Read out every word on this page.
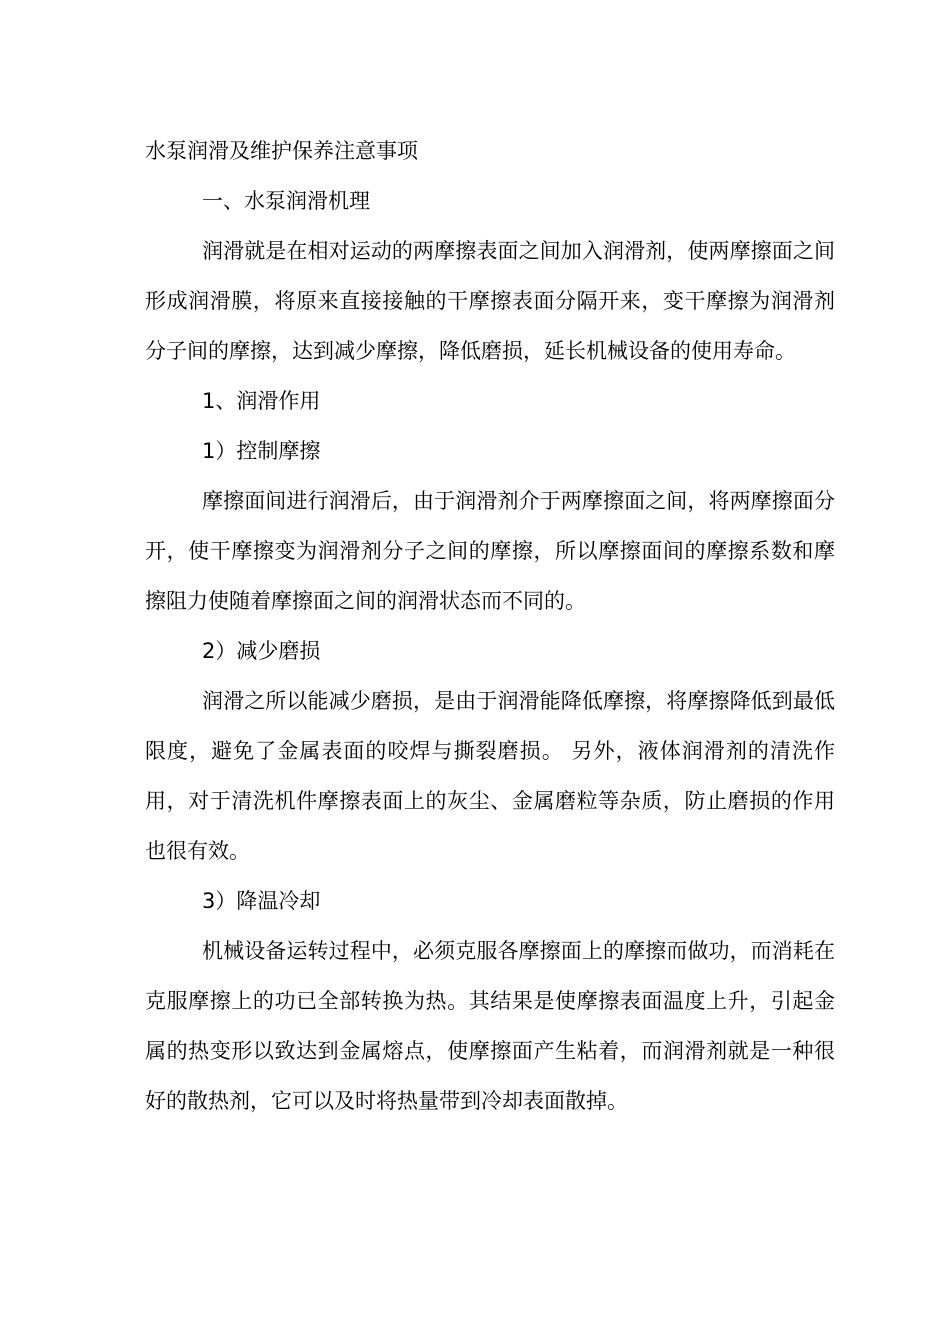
水泵润滑及维护保养注意事项

一、水泵润滑机理

润滑就是在相对运动的两摩擦表面之间加入润滑剂，使两摩擦面之间形成润滑膜，将原来直接接触的干摩擦表面分隔开来，变干摩擦为润滑剂分子间的摩擦，达到减少摩擦，降低磨损，延长机械设备的使用寿命。

1、润滑作用

1）控制摩擦

摩擦面间进行润滑后，由于润滑剂介于两摩擦面之间，将两摩擦面分开，使干摩擦变为润滑剂分子之间的摩擦，所以摩擦面间的摩擦系数和摩擦阻力使随着摩擦面之间的润滑状态而不同的。

2）减少磨损

润滑之所以能减少磨损，是由于润滑能降低摩擦，将摩擦降低到最低限度，避免了金属表面的咬焊与撕裂磨损。 另外，液体润滑剂的清洗作用，对于清洗机件摩擦表面上的灰尘、金属磨粒等杂质，防止磨损的作用也很有效。

3）降温冷却

机械设备运转过程中，必须克服各摩擦面上的摩擦而做功，而消耗在克服摩擦上的功已全部转换为热。其结果是使摩擦表面温度上升，引起金属的热变形以致达到金属熔点，使摩擦面产生粘着，而润滑剂就是一种很好的散热剂，它可以及时将热量带到冷却表面散掉。
